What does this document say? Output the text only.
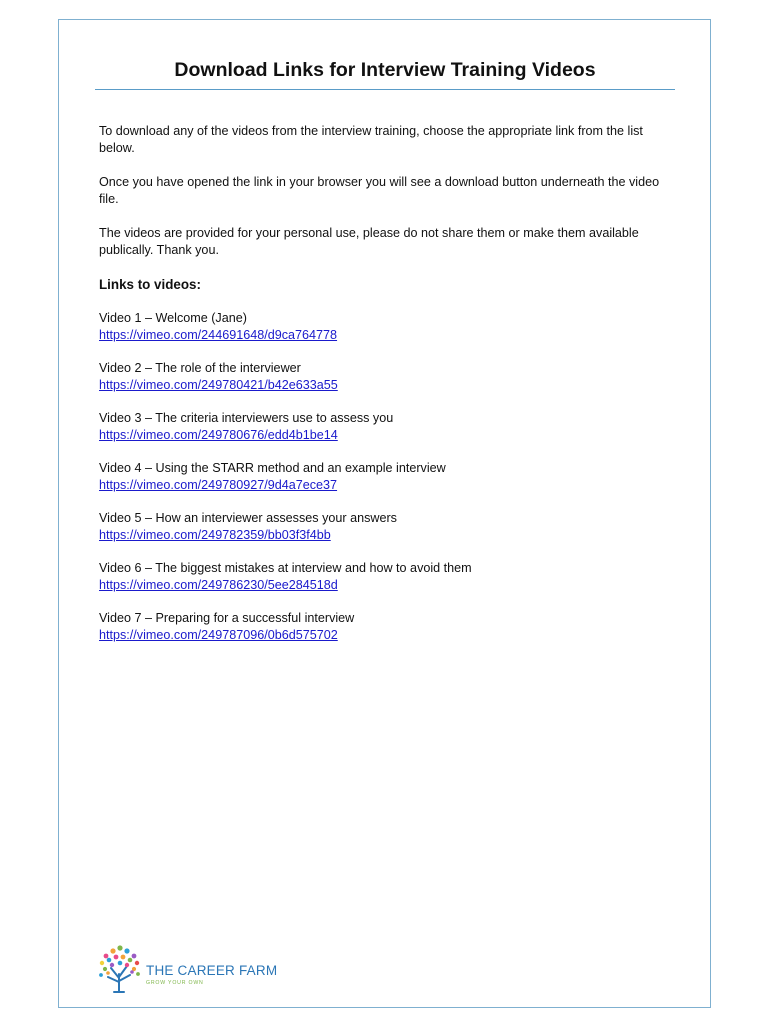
Download Links for Interview Training Videos

To download any of the videos from the interview training, choose the appropriate link from the list below.

Once you have opened the link in your browser you will see a download button underneath the video file.

The videos are provided for your personal use, please do not share them or make them available publically. Thank you.

Links to videos:
Video 1 – Welcome (Jane)
https://vimeo.com/244691648/d9ca764778
Video 2 – The role of the interviewer
https://vimeo.com/249780421/b42e633a55
Video 3 – The criteria interviewers use to assess you
https://vimeo.com/249780676/edd4b1be14
Video 4 – Using the STARR method and an example interview
https://vimeo.com/249780927/9d4a7ece37
Video 5 – How an interviewer assesses your answers
https://vimeo.com/249782359/bb03f3f4bb
Video 6 – The biggest mistakes at interview and how to avoid them
https://vimeo.com/249786230/5ee284518d
Video 7 – Preparing for a successful interview
https://vimeo.com/249787096/0b6d575702
THE CAREER FARM
GROW YOUR OWN
